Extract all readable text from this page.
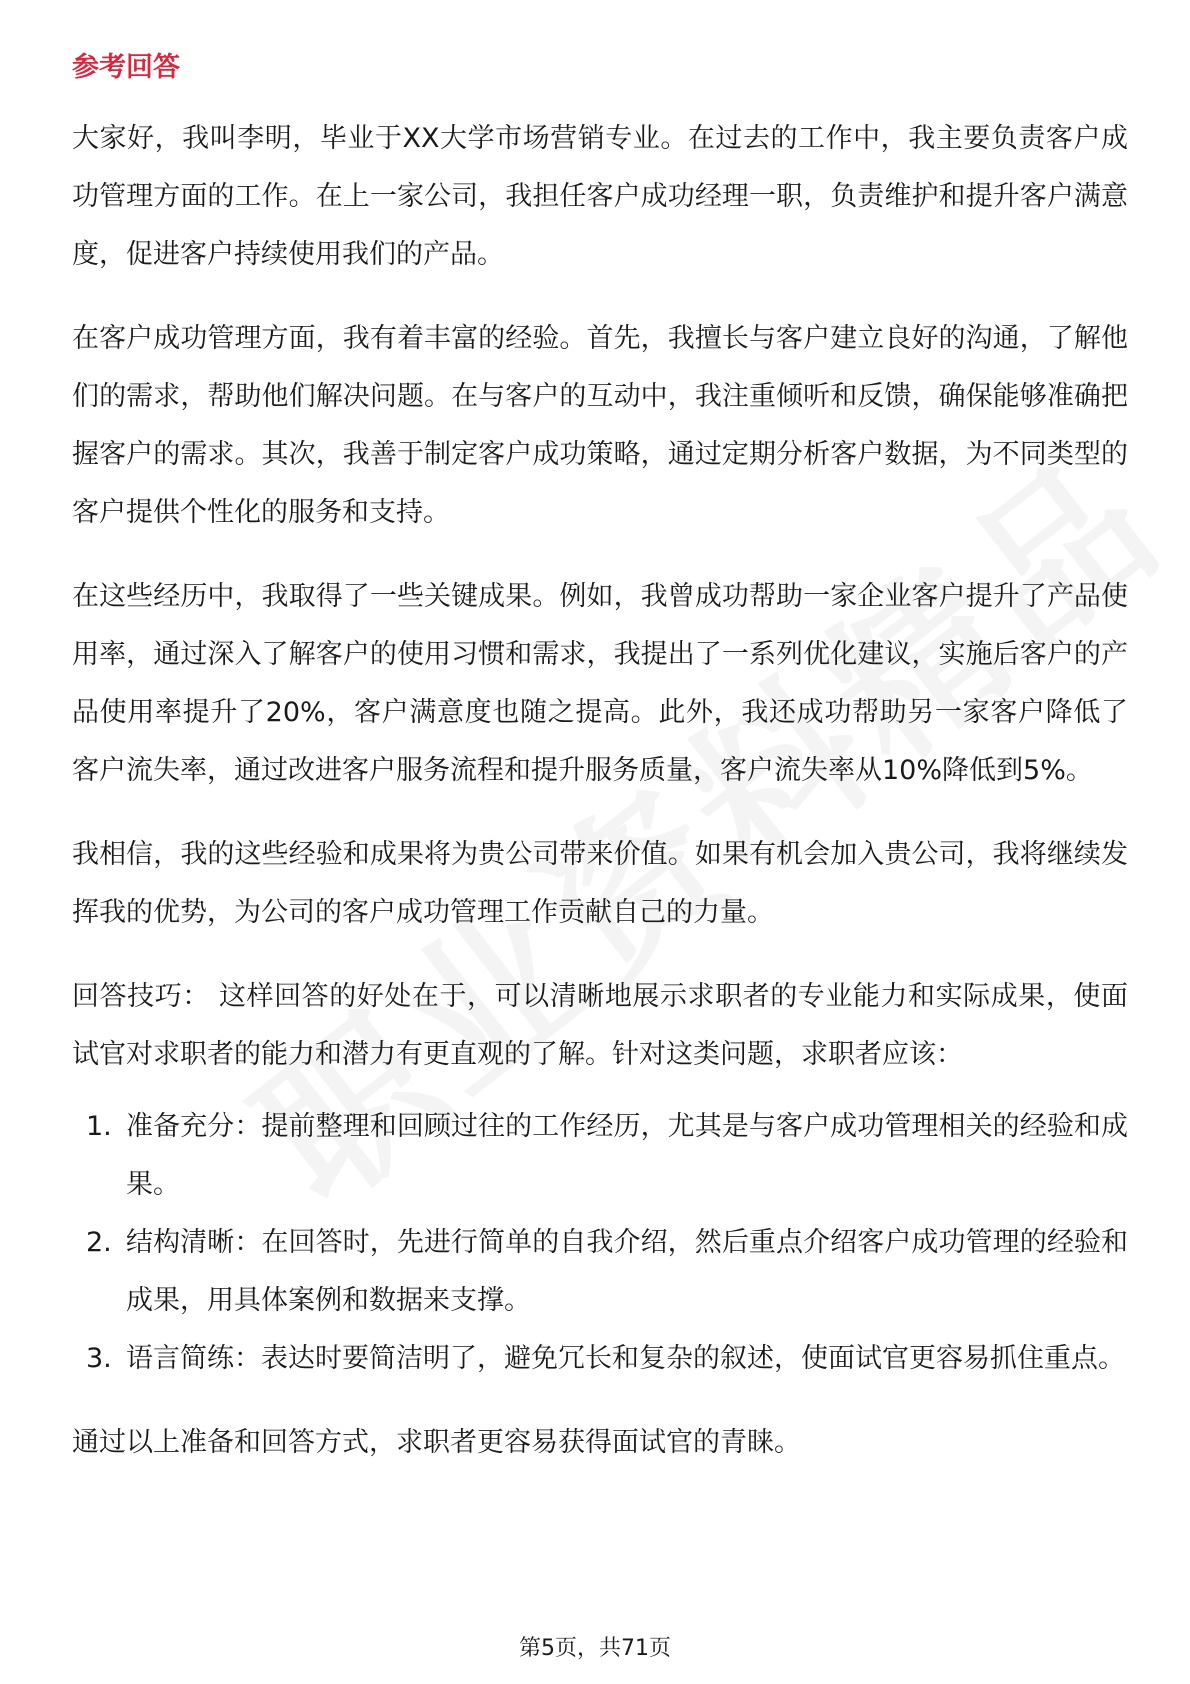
参考回答

大家好，我叫李明，毕业于XX大学市场营销专业。在过去的工作中，我主要负责客户成功管理方面的工作。在上一家公司，我担任客户成功经理一职，负责维护和提升客户满意度，促进客户持续使用我们的产品。

在客户成功管理方面，我有着丰富的经验。首先，我擅长与客户建立良好的沟通，了解他们的需求，帮助他们解决问题。在与客户的互动中，我注重倾听和反馈，确保能够准确把握客户的需求。其次，我善于制定客户成功策略，通过定期分析客户数据，为不同类型的客户提供个性化的服务和支持。

在这些经历中，我取得了一些关键成果。例如，我曾成功帮助一家企业客户提升了产品使用率，通过深入了解客户的使用习惯和需求，我提出了一系列优化建议，实施后客户的产品使用率提升了20%，客户满意度也随之提高。此外，我还成功帮助另一家客户降低了客户流失率，通过改进客户服务流程和提升服务质量，客户流失率从10%降低到5%。

我相信，我的这些经验和成果将为贵公司带来价值。如果有机会加入贵公司，我将继续发挥我的优势，为公司的客户成功管理工作贡献自己的力量。

回答技巧： 这样回答的好处在于，可以清晰地展示求职者的专业能力和实际成果，使面试官对求职者的能力和潜力有更直观的了解。针对这类问题，求职者应该：

1. 准备充分：提前整理和回顾过往的工作经历，尤其是与客户成功管理相关的经验和成果。
2. 结构清晰：在回答时，先进行简单的自我介绍，然后重点介绍客户成功管理的经验和成果，用具体案例和数据来支撑。
3. 语言简练：表达时要简洁明了，避免冗长和复杂的叙述，使面试官更容易抓住重点。

通过以上准备和回答方式，求职者更容易获得面试官的青睐。

第5页，共71页
